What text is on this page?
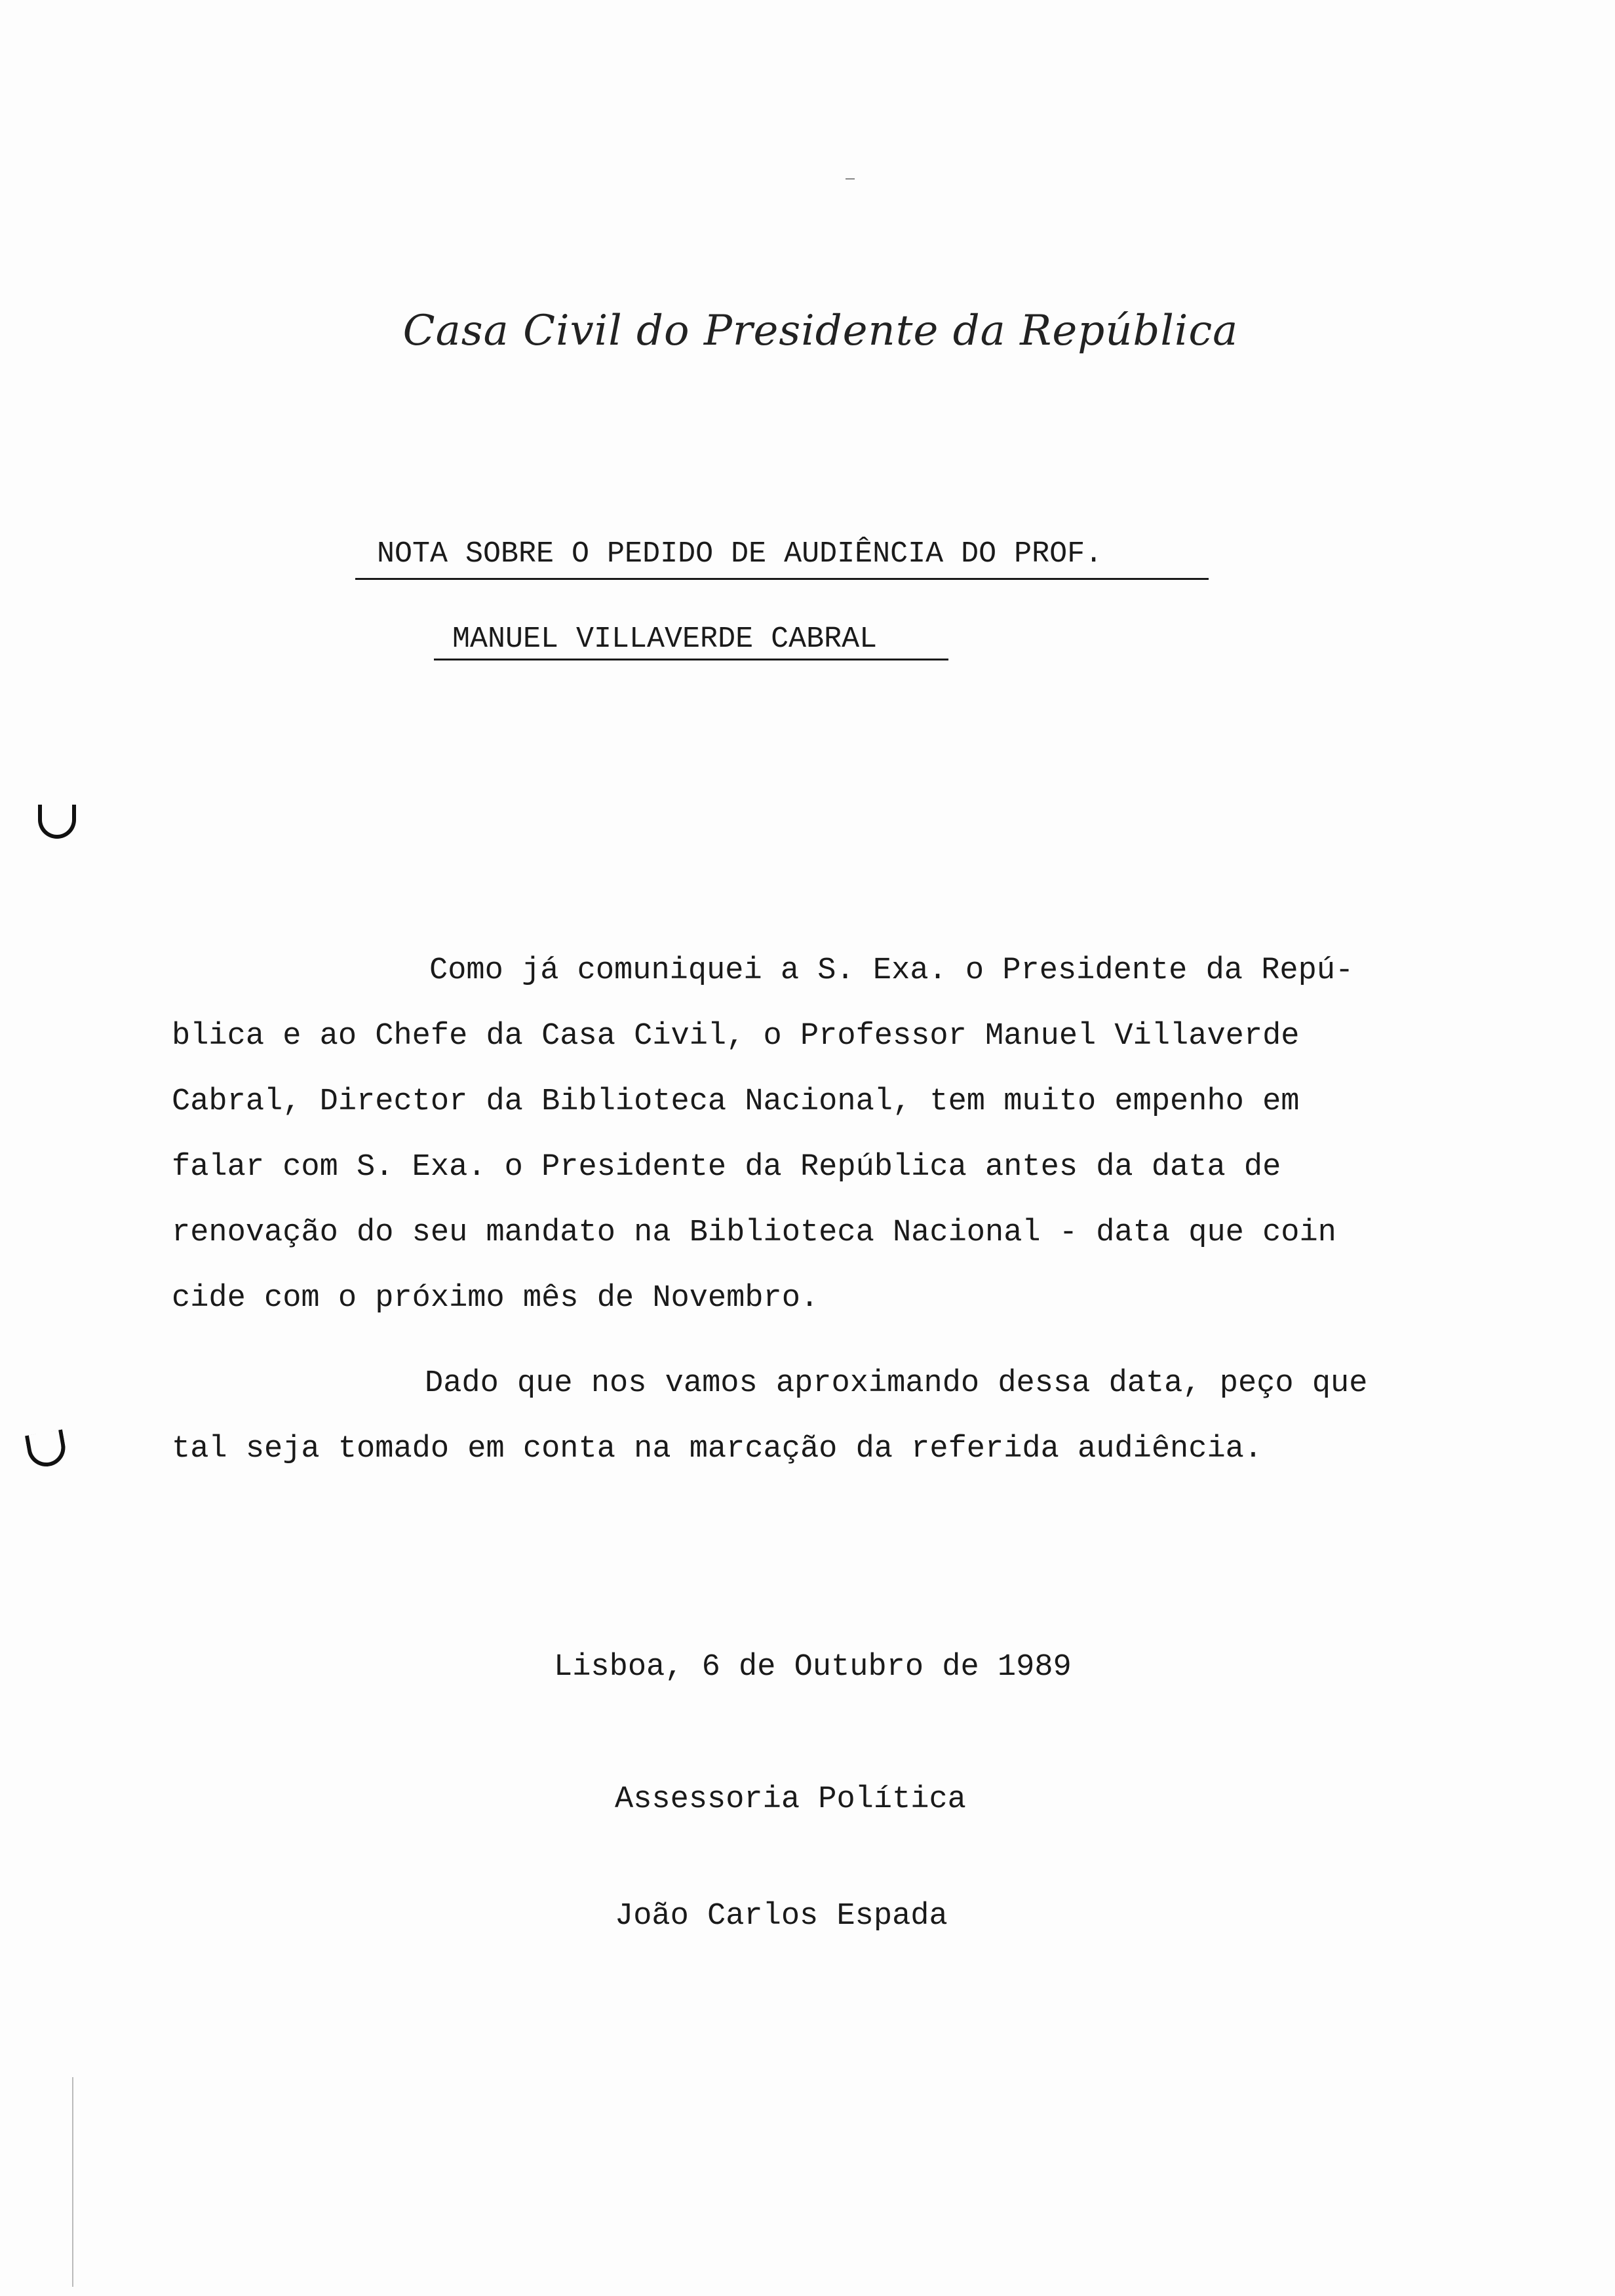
Casa Civil do Presidente da República
NOTA SOBRE O PEDIDO DE AUDIÊNCIA DO PROF.
MANUEL VILLAVERDE CABRAL
Como já comuniquei a S. Exa. o Presidente da Repú-
blica e ao Chefe da Casa Civil, o Professor Manuel Villaverde
Cabral, Director da Biblioteca Nacional, tem muito empenho em
falar com S. Exa. o Presidente da República antes da data de
renovação do seu mandato na Biblioteca Nacional - data que coin
cide com o próximo mês de Novembro.
Dado que nos vamos aproximando dessa data, peço que
tal seja tomado em conta na marcação da referida audiência.
Lisboa, 6 de Outubro de 1989
Assessoria Política
João Carlos Espada
